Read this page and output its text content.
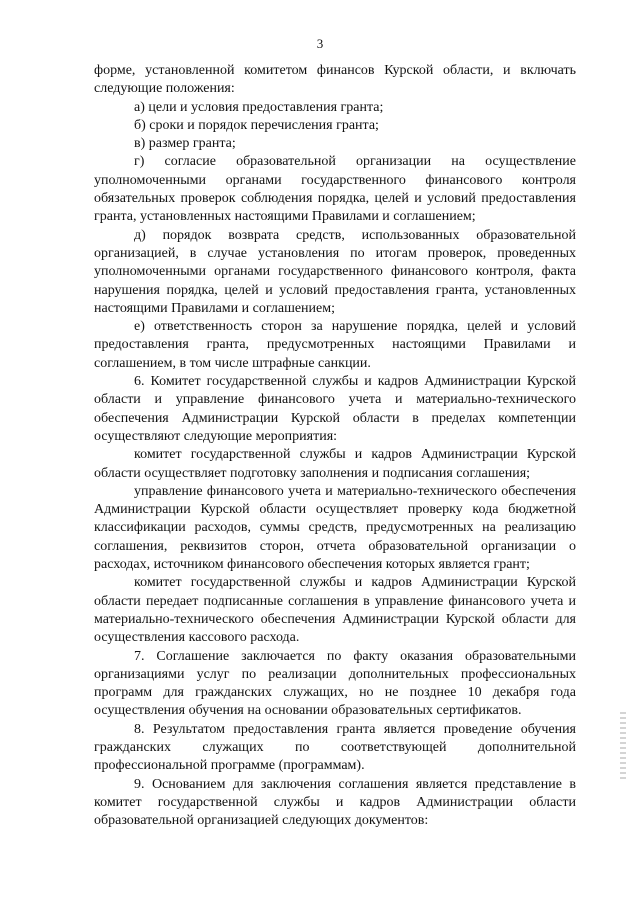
3

форме, установленной комитетом финансов Курской области, и включать следующие положения:

а) цели и условия предоставления гранта;

б) сроки и порядок перечисления гранта;

в) размер гранта;

г) согласие образовательной организации на осуществление уполномоченными органами государственного финансового контроля обязательных проверок соблюдения порядка, целей и условий предоставления гранта, установленных настоящими Правилами и соглашением;

д) порядок возврата средств, использованных образовательной организацией, в случае установления по итогам проверок, проведенных уполномоченными органами государственного финансового контроля, факта нарушения порядка, целей и условий предоставления гранта, установленных настоящими Правилами и соглашением;

е) ответственность сторон за нарушение порядка, целей и условий предоставления гранта, предусмотренных настоящими Правилами и соглашением, в том числе штрафные санкции.

6. Комитет государственной службы и кадров Администрации Курской области и управление финансового учета и материально-технического обеспечения Администрации Курской области в пределах компетенции осуществляют следующие мероприятия:

комитет государственной службы и кадров Администрации Курской области осуществляет подготовку заполнения и подписания соглашения;

управление финансового учета и материально-технического обеспечения Администрации Курской области осуществляет проверку кода бюджетной классификации расходов, суммы средств, предусмотренных на реализацию соглашения, реквизитов сторон, отчета образовательной организации о расходах, источником финансового обеспечения которых является грант;

комитет государственной службы и кадров Администрации Курской области передает подписанные соглашения в управление финансового учета и материально-технического обеспечения Администрации Курской области для осуществления кассового расхода.

7. Соглашение заключается по факту оказания образовательными организациями услуг по реализации дополнительных профессиональных программ для гражданских служащих, но не позднее 10 декабря года осуществления обучения на основании образовательных сертификатов.

8. Результатом предоставления гранта является проведение обучения гражданских служащих по соответствующей дополнительной профессиональной программе (программам).

9. Основанием для заключения соглашения является представление в комитет государственной службы и кадров Администрации области образовательной организацией следующих документов:
